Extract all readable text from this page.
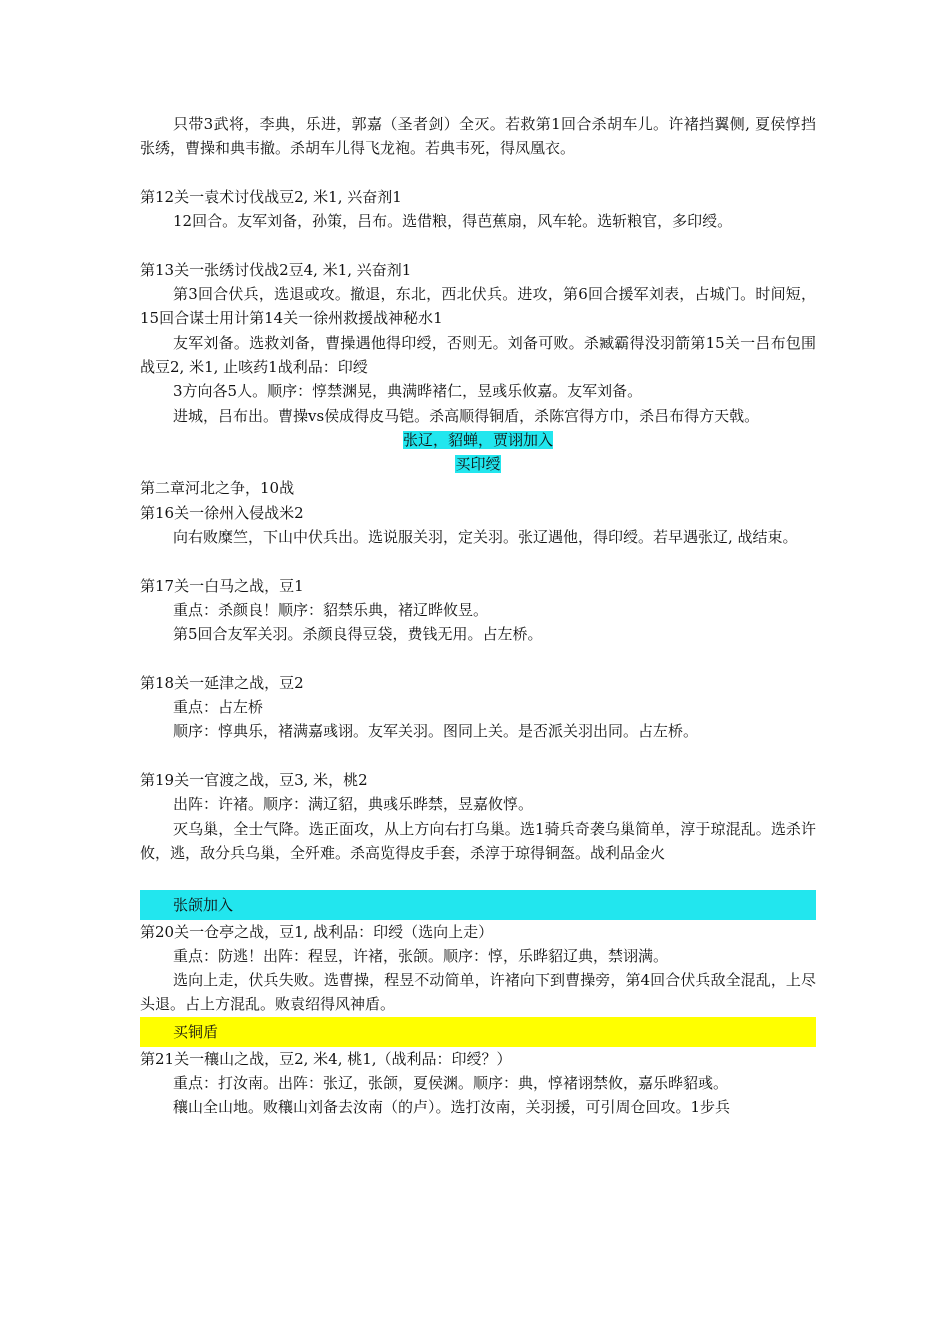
只带3武将，李典，乐进，郭嘉（圣者剑）全灭。若救第1回合杀胡车儿。许褚挡翼侧, 夏侯惇挡张绣，曹操和典韦撤。杀胡车儿得飞龙袍。若典韦死，得凤凰衣。

第12关一袁术讨伐战豆2, 米1, 兴奋剂1

12回合。友军刘备，孙策，吕布。选借粮，得芭蕉扇，风车轮。选斩粮官，多印绶。

第13关一张绣讨伐战2豆4, 米1, 兴奋剂1

第3回合伏兵，选退或攻。撤退，东北，西北伏兵。进攻，第6回合援军刘表，占城门。时间短，15回合谋士用计第14关一徐州救援战神秘水1

友军刘备。选救刘备，曹操遇他得印绶，否则无。刘备可败。杀臧霸得没羽箭第15关一吕布包围战豆2, 米1, 止咳药1战利品：印绶

3方向各5人。顺序：惇禁渊晃，典满晔褚仁，昱彧乐攸嘉。友军刘备。

进城，吕布出。曹操vs侯成得皮马铠。杀高顺得铜盾，杀陈宫得方巾，杀吕布得方天戟。

张辽，貂蝉，贾诩加入
买印绶

第二章河北之争，10战

第16关一徐州入侵战米2

向右败糜竺，下山中伏兵出。选说服关羽，定关羽。张辽遇他，得印绶。若早遇张辽, 战结束。

第17关一白马之战，豆1

重点：杀颜良！顺序：貂禁乐典，褚辽晔攸昱。

第5回合友军关羽。杀颜良得豆袋，费钱无用。占左桥。

第18关一延津之战，豆2

重点：占左桥

顺序：惇典乐，褚满嘉彧诩。友军关羽。图同上关。是否派关羽出同。占左桥。

第19关一官渡之战，豆3, 米，桃2

出阵：许褚。顺序：满辽貂，典彧乐晔禁，昱嘉攸惇。

灭乌巢，全士气降。选正面攻，从上方向右打乌巢。选1骑兵奇袭乌巢简单，淳于琼混乱。选杀许攸，逃，敌分兵乌巢，全歼难。杀高览得皮手套，杀淳于琼得铜盔。战利品金火

张颌加入

第20关一仓亭之战，豆1, 战利品：印绶（选向上走）

重点：防逃！出阵：程昱，许褚，张颌。顺序：惇，乐晔貂辽典，禁诩满。

选向上走，伏兵失败。选曹操，程昱不动简单，许褚向下到曹操旁，第4回合伏兵敌全混乱，上尽头退。占上方混乱。败袁绍得风神盾。

买铜盾

第21关一穰山之战，豆2, 米4, 桃1,（战利品：印绶？）

重点：打汝南。出阵：张辽，张颌，夏侯渊。顺序：典，惇褚诩禁攸，嘉乐晔貂彧。

穰山全山地。败穰山刘备去汝南（的卢）。选打汝南，关羽援，可引周仓回攻。1步兵
